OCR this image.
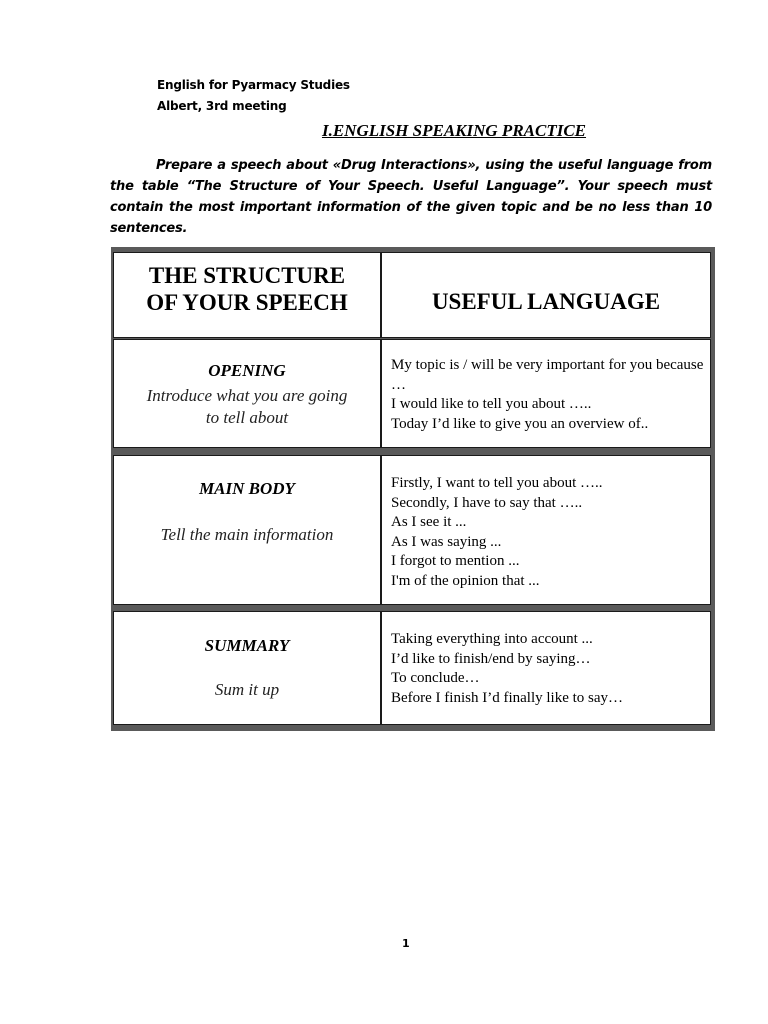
English for Pyarmacy Studies
Albert, 3rd meeting
I.ENGLISH SPEAKING PRACTICE
Prepare a speech about «Drug Interactions», using the useful language from the table “The Structure of Your Speech. Useful Language”. Your speech must contain the most important information of the given topic and be no less than 10 sentences.
THE STRUCTURE
OF YOUR SPEECH	USEFUL LANGUAGE
OPENING
Introduce what you are going to tell about
My topic is / will be very important for you because …
I would like to tell you about …..
Today I’d like to give you an overview of..
MAIN BODY
Tell the main information
Firstly, I want to tell you about …..
Secondly, I have to say that …..
As I see it ...
As I was saying ...
I forgot to mention ...
I'm of the opinion that ...
SUMMARY
Sum it up
Taking everything into account ...
I’d like to finish/end by saying…
To conclude…
Before I finish I’d finally like to say…
1
